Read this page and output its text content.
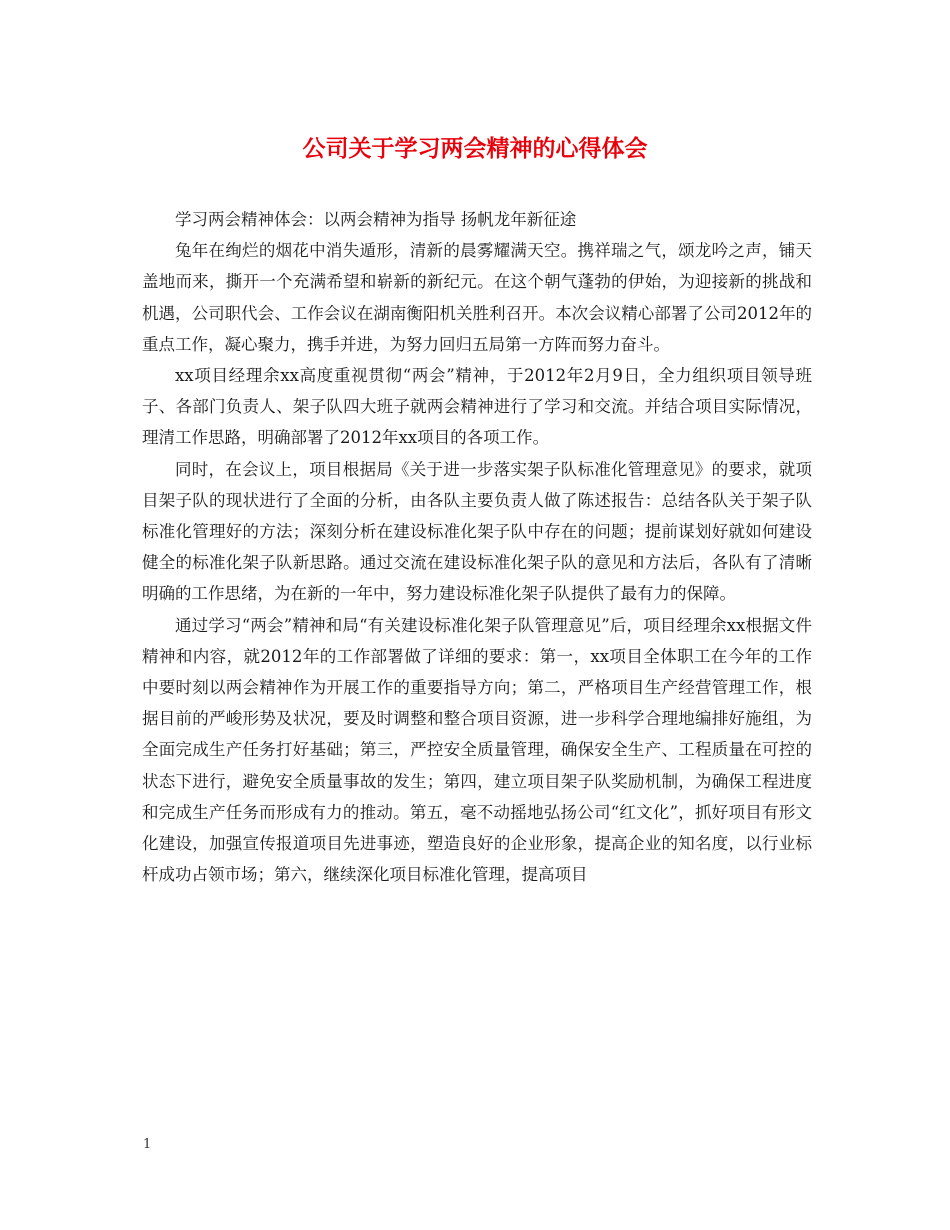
公司关于学习两会精神的心得体会

学习两会精神体会：以两会精神为指导 扬帆龙年新征途

兔年在绚烂的烟花中消失遁形，清新的晨雾耀满天空。携祥瑞之气，颂龙吟之声，铺天盖地而来，撕开一个充满希望和崭新的新纪元。在这个朝气蓬勃的伊始，为迎接新的挑战和机遇，公司职代会、工作会议在湖南衡阳机关胜利召开。本次会议精心部署了公司2012年的重点工作，凝心聚力，携手并进，为努力回归五局第一方阵而努力奋斗。

xx项目经理余xx高度重视贯彻“两会”精神，于2012年2月9日，全力组织项目领导班子、各部门负责人、架子队四大班子就两会精神进行了学习和交流。并结合项目实际情况，理清工作思路，明确部署了2012年xx项目的各项工作。

同时，在会议上，项目根据局《关于进一步落实架子队标准化管理意见》的要求，就项目架子队的现状进行了全面的分析，由各队主要负责人做了陈述报告：总结各队关于架子队标准化管理好的方法；深刻分析在建设标准化架子队中存在的问题；提前谋划好就如何建设健全的标准化架子队新思路。通过交流在建设标准化架子队的意见和方法后，各队有了清晰明确的工作思绪，为在新的一年中，努力建设标准化架子队提供了最有力的保障。

通过学习“两会”精神和局“有关建设标准化架子队管理意见”后，项目经理余xx根据文件精神和内容，就2012年的工作部署做了详细的要求：第一，xx项目全体职工在今年的工作中要时刻以两会精神作为开展工作的重要指导方向；第二，严格项目生产经营管理工作，根据目前的严峻形势及状况，要及时调整和整合项目资源，进一步科学合理地编排好施组，为全面完成生产任务打好基础；第三，严控安全质量管理，确保安全生产、工程质量在可控的状态下进行，避免安全质量事故的发生；第四，建立项目架子队奖励机制，为确保工程进度和完成生产任务而形成有力的推动。第五，毫不动摇地弘扬公司“红文化”，抓好项目有形文化建设，加强宣传报道项目先进事迹，塑造良好的企业形象，提高企业的知名度，以行业标杆成功占领市场；第六，继续深化项目标准化管理，提高项目

1
